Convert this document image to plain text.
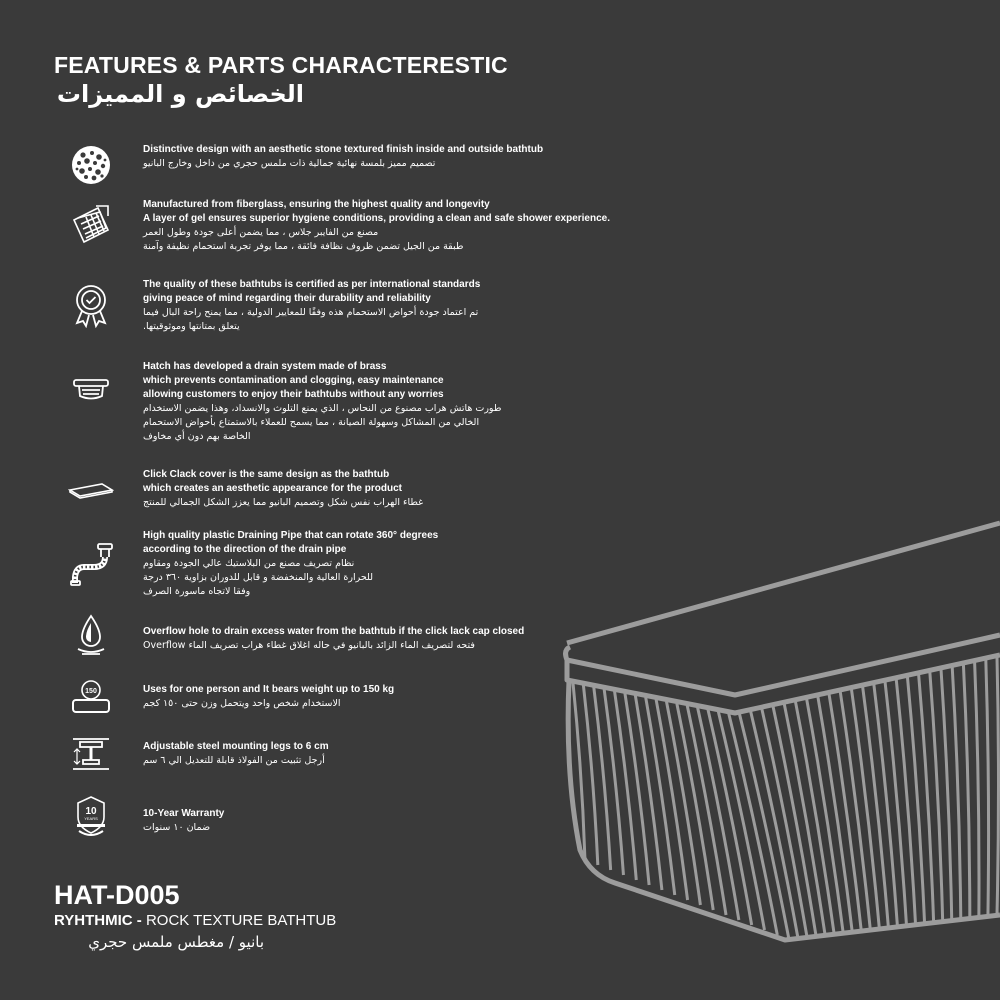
FEATURES & PARTS CHARACTERESTIC
الخصائص و المميزات
Distinctive design with an aesthetic stone textured finish inside and outside bathtub
تصميم مميز بلمسة نهائية جمالية ذات ملمس حجري من داخل وخارج البانيو
Manufactured from fiberglass, ensuring the highest quality and longevity
A layer of gel ensures superior hygiene conditions, providing a clean and safe shower experience.
مصنع من الفايبر جلاس ، مما يضمن أعلى جودة وطول العمر
طبقة من الجيل تضمن ظروف نظافة فائقة ، مما يوفر تجربة استحمام نظيفة وآمنة
The quality of these bathtubs is certified as per international standards
giving peace of mind regarding their durability and reliability
تم اعتماد جودة أحواض الاستحمام هذه وفقًا للمعايير الدولية ، مما يمنح راحة البال فيما
يتعلق بمتانتها وموثوقيتها.
Hatch has developed a drain system made of brass
which prevents contamination and clogging, easy maintenance
allowing customers to enjoy their bathtubs without any worries
طورت هاتش هراب مصنوع من النحاس ، الذي يمنع التلوث والانسداد، وهذا يضمن الاستخدام
الخالي من المشاكل وسهولة الصيانة ، مما يسمح للعملاء بالاستمتاع بأحواض الاستحمام
الخاصة بهم دون أي مخاوف
Click Clack cover is the same design as the bathtub
which creates an aesthetic appearance for the product
غطاء الهراب نفس شكل وتصميم البانيو مما يعزز الشكل الجمالي للمنتج
High quality plastic Draining Pipe that can rotate 360° degrees
according to the direction of the drain pipe
نظام تصريف مصنع من البلاستيك عالي الجودة ومقاوم
للحرارة العالية والمنخفضة و قابل للدوران بزاوية ٣٦٠ درجة
وفقا لاتجاه ماسورة الصرف
Overflow hole to drain excess water from the bathtub if the click lack cap closed
Overflow فتحه لتصريف الماء الزائد بالبانيو في حاله اغلاق غطاء هراب تصريف الماء
150	Uses for one person and It bears weight up to 150 kg
الاستخدام شخص واحد ويتحمل وزن حتى ١٥٠ كجم
Adjustable steel mounting legs to 6 cm
أرجل تثبيت من الفولاذ قابلة للتعديل الي ٦ سم
10
YEARS	10-Year Warranty
ضمان ١٠ سنوات
HAT-D005
RYHTHMIC - ROCK TEXTURE BATHTUB
بانيو / مغطس ملمس حجري
